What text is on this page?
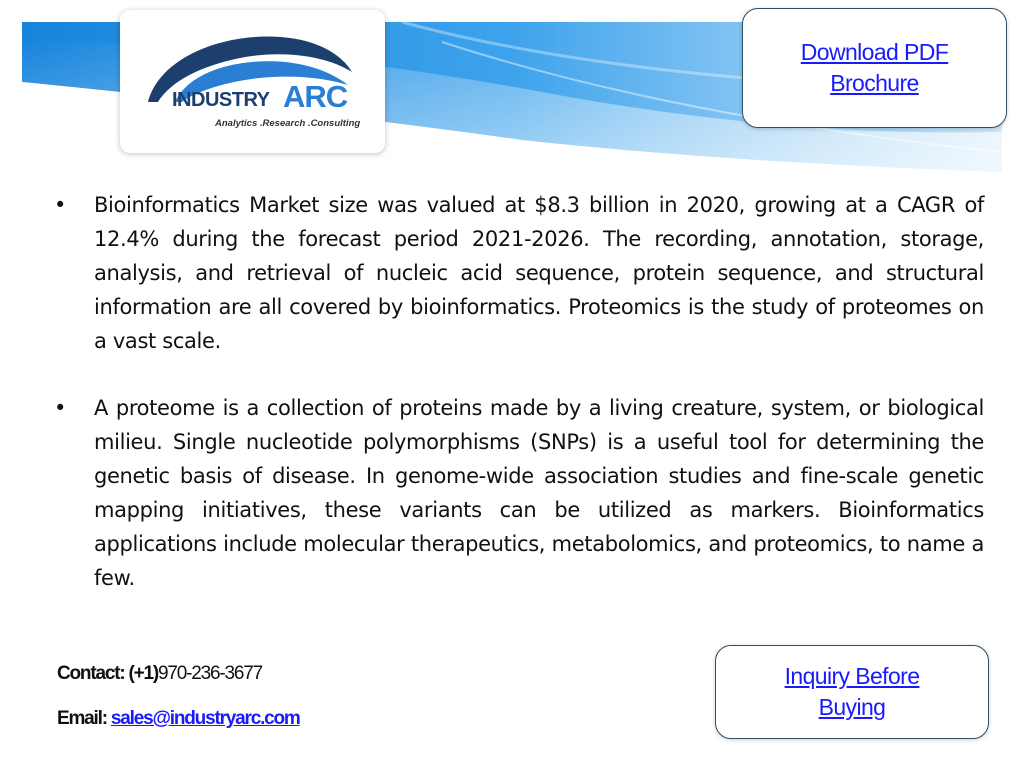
INDUSTRY ARC
Analytics .Research .Consulting
Download PDF
Brochure

• Bioinformatics Market size was valued at $8.3 billion in 2020, growing at a CAGR of 12.4% during the forecast period 2021-2026. The recording, annotation, storage, analysis, and retrieval of nucleic acid sequence, protein sequence, and structural information are all covered by bioinformatics. Proteomics is the study of proteomes on a vast scale.

• A proteome is a collection of proteins made by a living creature, system, or biological milieu. Single nucleotide polymorphisms (SNPs) is a useful tool for determining the genetic basis of disease. In genome-wide association studies and fine-scale genetic mapping initiatives, these variants can be utilized as markers. Bioinformatics applications include molecular therapeutics, metabolomics, and proteomics, to name a few.

Contact: (+1)970-236-3677
Email: sales@industryarc.com
Inquiry Before
Buying
